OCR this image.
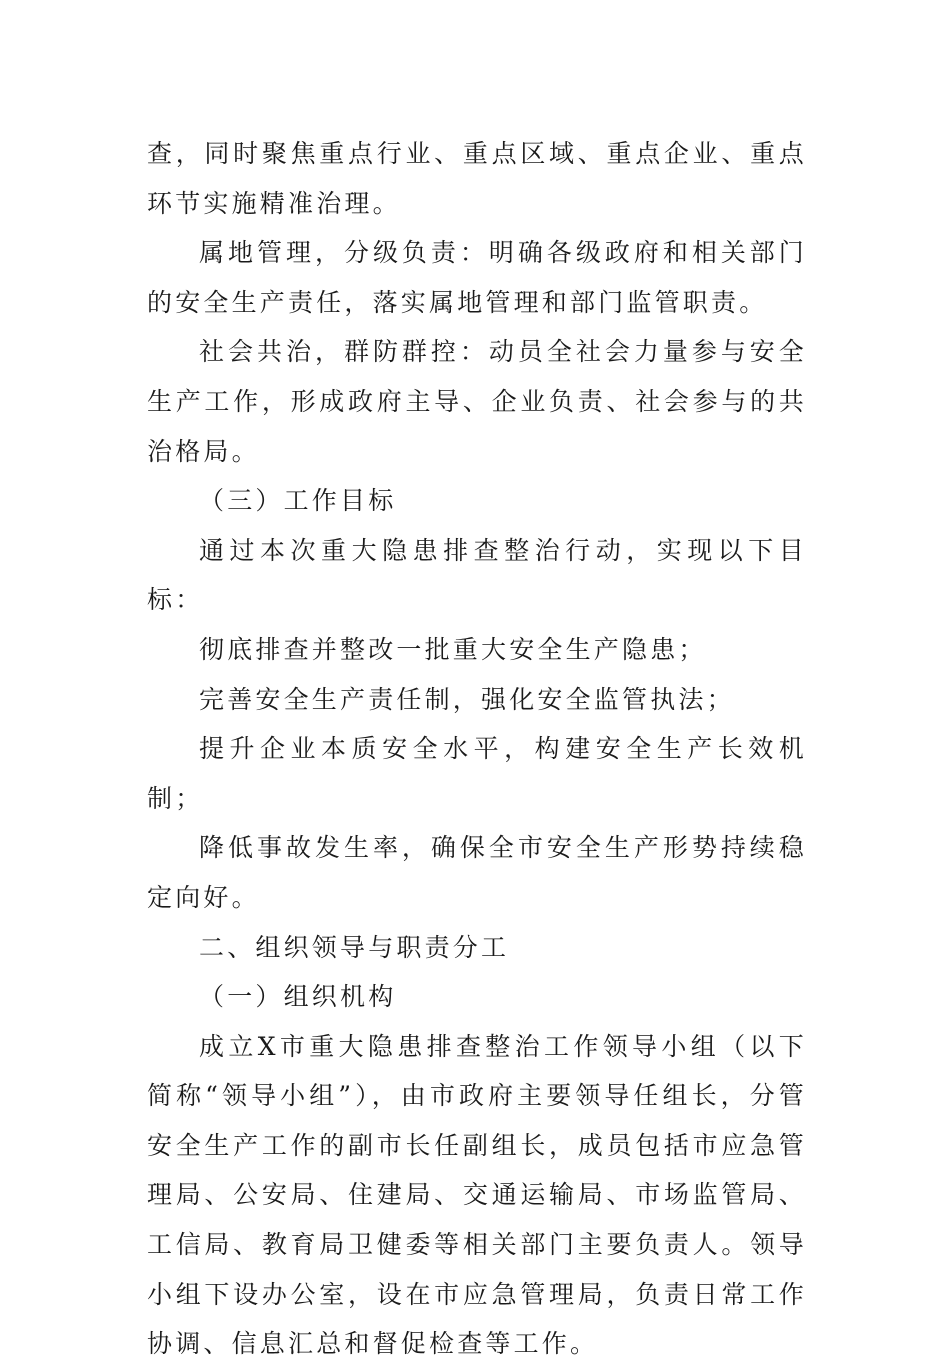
查，同时聚焦重点行业、重点区域、重点企业、重点环节实施精准治理。

属地管理，分级负责：明确各级政府和相关部门的安全生产责任，落实属地管理和部门监管职责。

社会共治，群防群控：动员全社会力量参与安全生产工作，形成政府主导、企业负责、社会参与的共治格局。

（三）工作目标

通过本次重大隐患排查整治行动，实现以下目标：

彻底排查并整改一批重大安全生产隐患；

完善安全生产责任制，强化安全监管执法；

提升企业本质安全水平，构建安全生产长效机制；

降低事故发生率，确保全市安全生产形势持续稳定向好。

二、组织领导与职责分工

（一）组织机构

成立X市重大隐患排查整治工作领导小组（以下简称“领导小组”），由市政府主要领导任组长，分管安全生产工作的副市长任副组长，成员包括市应急管理局、公安局、住建局、交通运输局、市场监管局、工信局、教育局卫健委等相关部门主要负责人。领导小组下设办公室，设在市应急管理局，负责日常工作协调、信息汇总和督促检查等工作。
